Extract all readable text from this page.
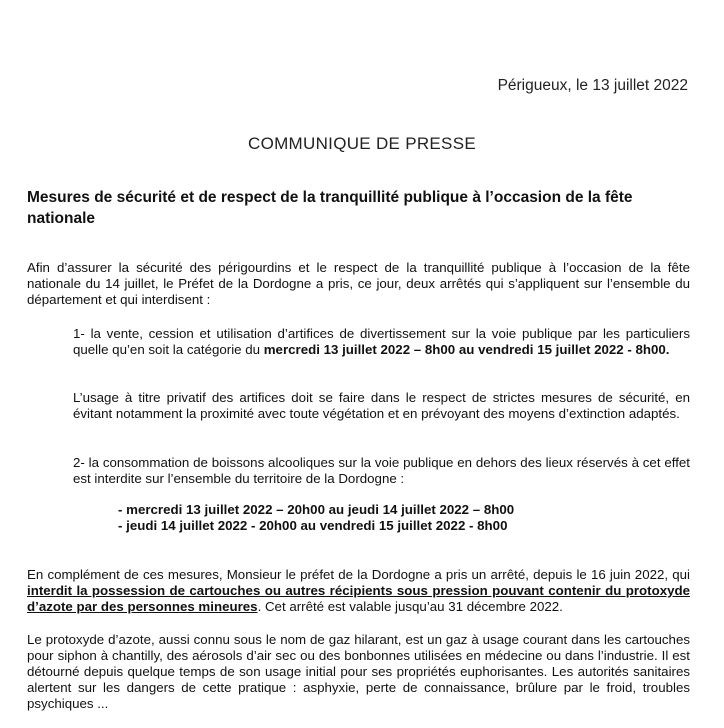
Périgueux, le 13 juillet 2022

COMMUNIQUE DE PRESSE

Mesures de sécurité et de respect de la tranquillité publique à l’occasion de la fête nationale

Afin d’assurer la sécurité des périgourdins et le respect de la tranquillité publique à l’occasion de la fête nationale du 14 juillet, le Préfet de la Dordogne a pris, ce jour, deux arrêtés qui s’appliquent sur l’ensemble du département et qui interdisent :

1- la vente, cession et utilisation d’artifices de divertissement sur la voie publique par les particuliers quelle qu’en soit la catégorie du mercredi 13 juillet 2022 – 8h00 au vendredi 15 juillet 2022 - 8h00.

L’usage à titre privatif des artifices doit se faire dans le respect de strictes mesures de sécurité, en évitant notamment la proximité avec toute végétation et en prévoyant des moyens d’extinction adaptés.

2- la consommation de boissons alcooliques sur la voie publique en dehors des lieux réservés à cet effet est interdite sur l’ensemble du territoire de la Dordogne :

- mercredi 13 juillet 2022 – 20h00 au jeudi 14 juillet 2022 – 8h00

- jeudi 14 juillet 2022 - 20h00 au vendredi 15 juillet 2022 - 8h00

En complément de ces mesures, Monsieur le préfet de la Dordogne a pris un arrêté, depuis le 16 juin 2022, qui interdit la possession de cartouches ou autres récipients sous pression pouvant contenir du protoxyde d’azote par des personnes mineures. Cet arrêté est valable jusqu’au 31 décembre 2022.

Le protoxyde d’azote, aussi connu sous le nom de gaz hilarant, est un gaz à usage courant dans les cartouches pour siphon à chantilly, des aérosols d’air sec ou des bonbonnes utilisées en médecine ou dans l’industrie. Il est détourné depuis quelque temps de son usage initial pour ses propriétés euphorisantes. Les autorités sanitaires alertent sur les dangers de cette pratique : asphyxie, perte de connaissance, brûlure par le froid, troubles psychiques ...
